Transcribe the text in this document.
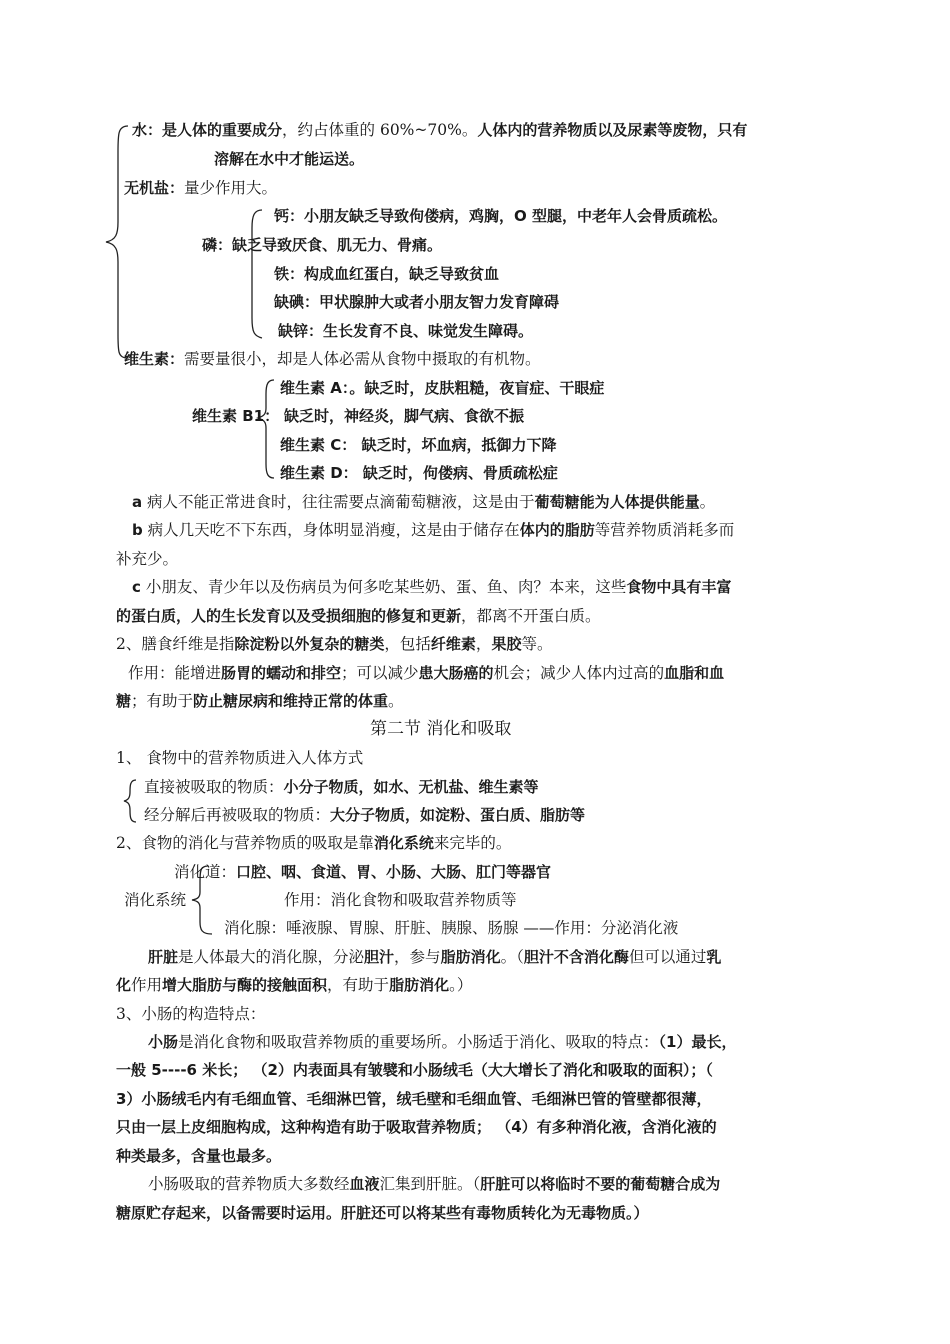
水：是人体的重要成分，约占体重的 60%~70%。人体内的营养物质以及尿素等废物，只有
溶解在水中才能运送。
无机盐：量少作用大。
钙：小朋友缺乏导致佝偻病，鸡胸，O 型腿，中老年人会骨质疏松。
磷：缺乏导致厌食、肌无力、骨痛。
铁：构成血红蛋白，缺乏导致贫血
缺碘：甲状腺肿大或者小朋友智力发育障碍
缺锌：生长发育不良、味觉发生障碍。
维生素：需要量很小，却是人体必需从食物中摄取的有机物。
维生素 A：。缺乏时，皮肤粗糙，夜盲症、干眼症
维生素 B1： 缺乏时，神经炎，脚气病、食欲不振
维生素 C： 缺乏时，坏血病，抵御力下降
维生素 D： 缺乏时，佝偻病、骨质疏松症
a 病人不能正常进食时，往往需要点滴葡萄糖液，这是由于葡萄糖能为人体提供能量。
b 病人几天吃不下东西，身体明显消瘦，这是由于储存在体内的脂肪等营养物质消耗多而
补充少。
c 小朋友、青少年以及伤病员为何多吃某些奶、蛋、鱼、肉？本来，这些食物中具有丰富
的蛋白质，人的生长发育以及受损细胞的修复和更新，都离不开蛋白质。
2、膳食纤维是指除淀粉以外复杂的糖类，包括纤维素，果胶等。
作用：能增进肠胃的蠕动和排空；可以减少患大肠癌的机会；减少人体内过高的血脂和血
糖；有助于防止糖尿病和维持正常的体重。
第二节 消化和吸取
1、 食物中的营养物质进入人体方式
直接被吸取的物质：小分子物质，如水、无机盐、维生素等
经分解后再被吸取的物质：大分子物质，如淀粉、蛋白质、脂肪等
2、食物的消化与营养物质的吸取是靠消化系统来完毕的。
消化道：口腔、咽、食道、胃、小肠、大肠、肛门等器官
消化系统	作用：消化食物和吸取营养物质等
消化腺：唾液腺、胃腺、肝脏、胰腺、肠腺 ——作用：分泌消化液
肝脏是人体最大的消化腺，分泌胆汁，参与脂肪消化。（胆汁不含消化酶但可以通过乳
化作用增大脂肪与酶的接触面积，有助于脂肪消化。）
3、小肠的构造特点：
小肠是消化食物和吸取营养物质的重要场所。小肠适于消化、吸取的特点：（1）最长，
一般 5----6 米长； （2）内表面具有皱襞和小肠绒毛（大大增长了消化和吸取的面积）；（
3）小肠绒毛内有毛细血管、毛细淋巴管，绒毛壁和毛细血管、毛细淋巴管的管壁都很薄，
只由一层上皮细胞构成，这种构造有助于吸取营养物质； （4）有多种消化液，含消化液的
种类最多，含量也最多。
小肠吸取的营养物质大多数经血液汇集到肝脏。（肝脏可以将临时不要的葡萄糖合成为
糖原贮存起来，以备需要时运用。肝脏还可以将某些有毒物质转化为无毒物质。）
